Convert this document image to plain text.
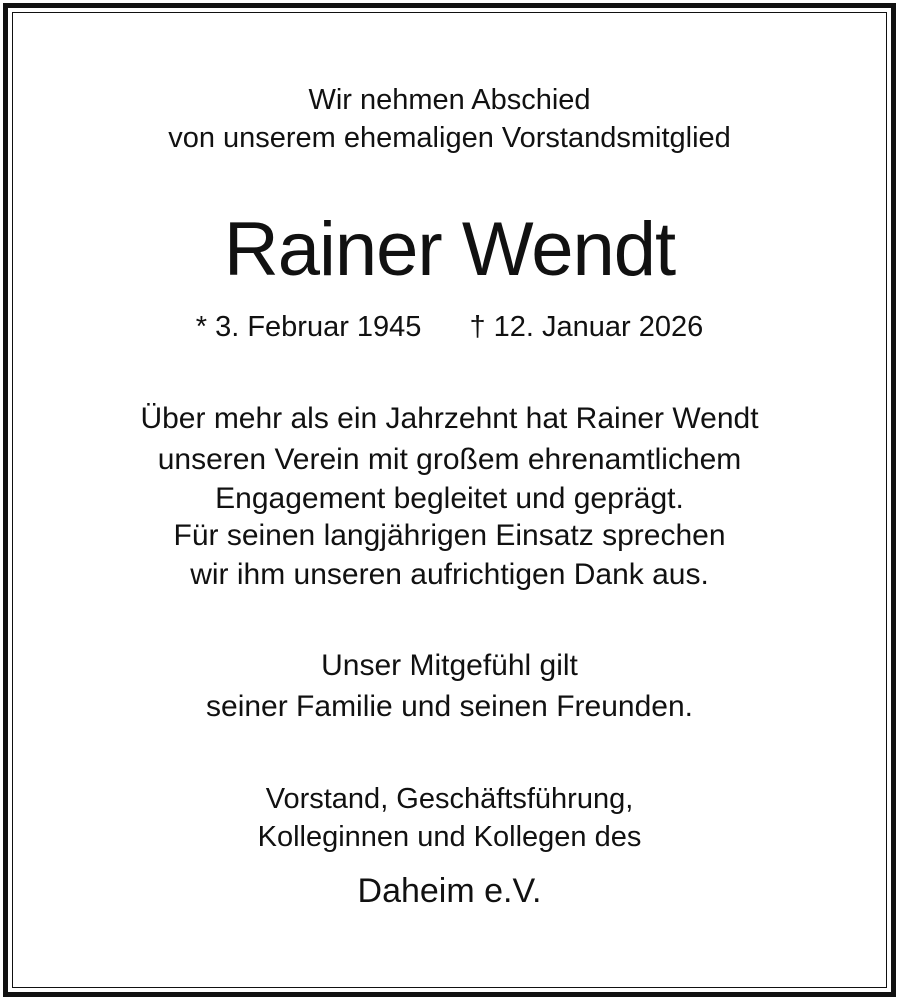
Wir nehmen Abschied
von unserem ehemaligen Vorstandsmitglied
Rainer Wendt
* 3. Februar 1945 † 12. Januar 2026
Über mehr als ein Jahrzehnt hat Rainer Wendt
unseren Verein mit großem ehrenamtlichem
Engagement begleitet und geprägt.
Für seinen langjährigen Einsatz sprechen
wir ihm unseren aufrichtigen Dank aus.
Unser Mitgefühl gilt
seiner Familie und seinen Freunden.
Vorstand, Geschäftsführung,
Kolleginnen und Kollegen des
Daheim e.V.
